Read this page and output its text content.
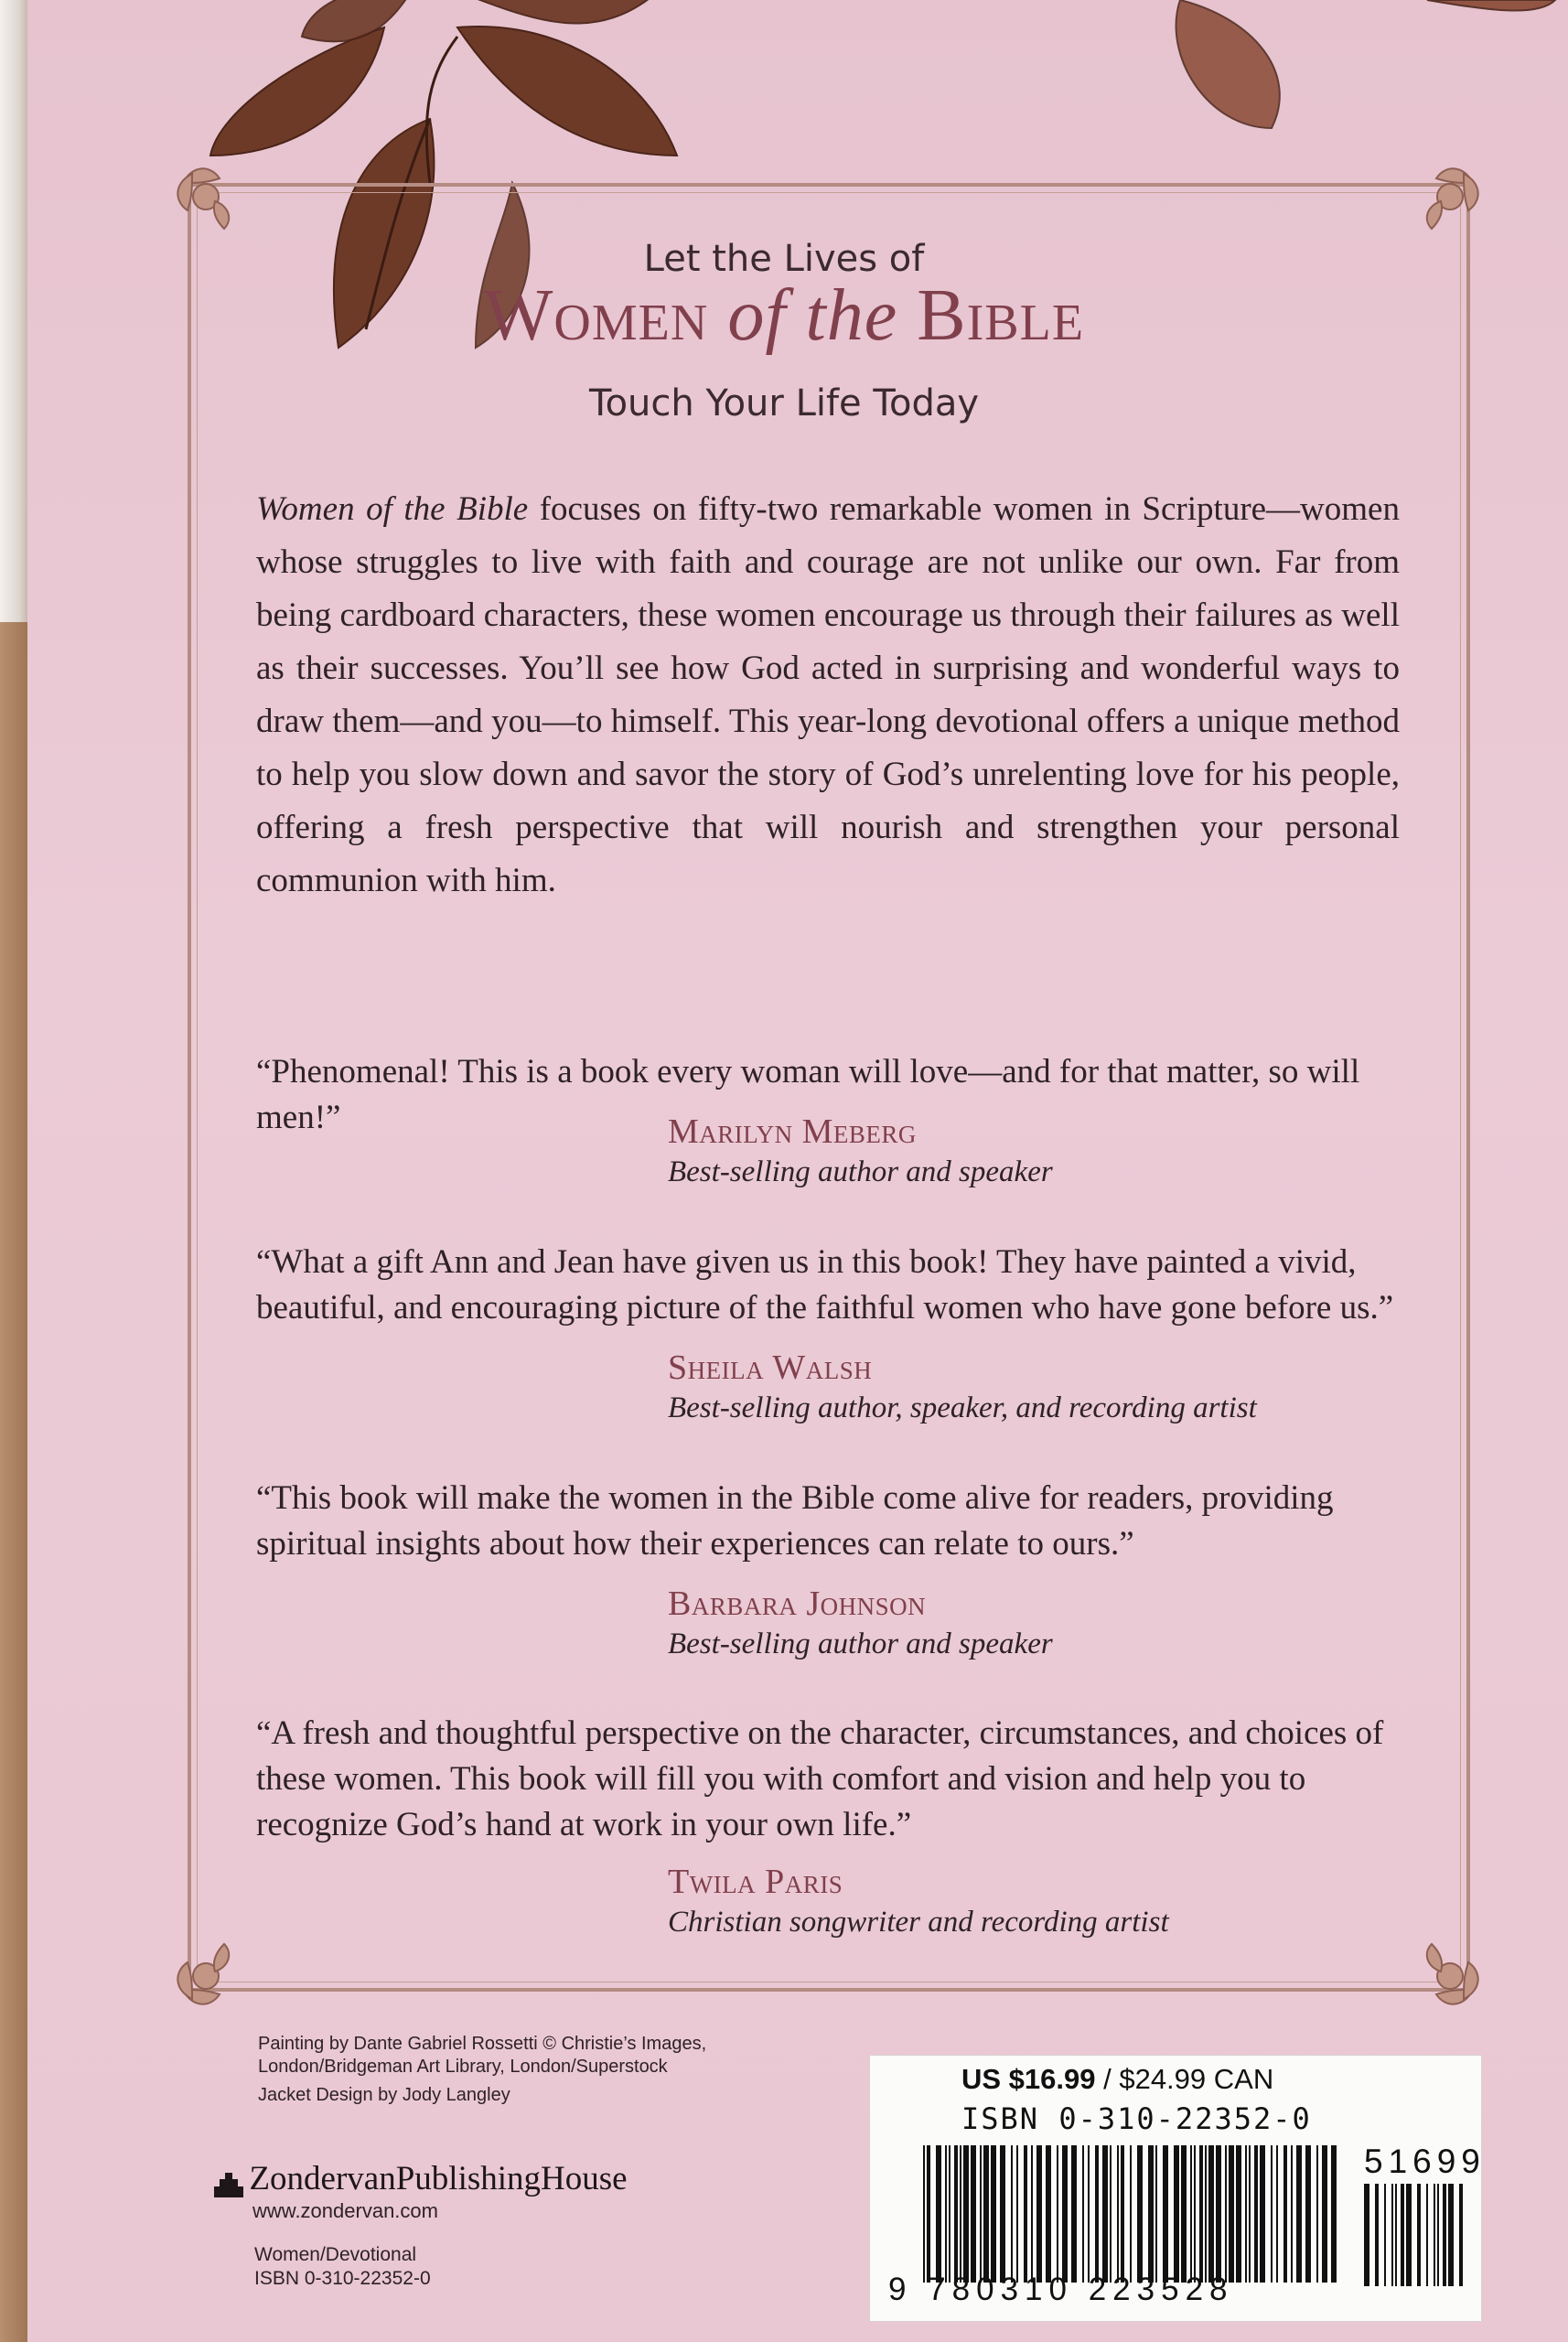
Let the Lives of
Women of the Bible
Touch Your Life Today

Women of the Bible focuses on fifty-two remarkable women in Scripture—women whose struggles to live with faith and courage are not unlike our own. Far from being cardboard characters, these women encourage us through their failures as well as their successes. You’ll see how God acted in surprising and wonderful ways to draw them—and you—to himself. This year-long devotional offers a unique method to help you slow down and savor the story of God’s unrelenting love for his people, offering a fresh perspective that will nourish and strengthen your personal communion with him.

“Phenomenal! This is a book every woman will love—and for that matter, so will men!”	Marilyn Meberg
Best-selling author and speaker

“What a gift Ann and Jean have given us in this book! They have painted a vivid, beautiful, and encouraging picture of the faithful women who have gone before us.”

Sheila Walsh
Best-selling author, speaker, and recording artist

“This book will make the women in the Bible come alive for readers, providing spiritual insights about how their experiences can relate to ours.”

Barbara Johnson
Best-selling author and speaker

“A fresh and thoughtful perspective on the character, circumstances, and choices of these women. This book will fill you with comfort and vision and help you to recognize God’s hand at work in your own life.”

Twila Paris
Christian songwriter and recording artist
Painting by Dante Gabriel Rossetti © Christie’s Images,
London/Bridgeman Art Library, London/Superstock
Jacket Design by Jody Langley
ZondervanPublishingHouse
www.zondervan.com
Women/Devotional
ISBN 0-310-22352-0
US $16.99 / $24.99 CAN
ISBN 0-310-22352-0
51699
9 780310 223528
